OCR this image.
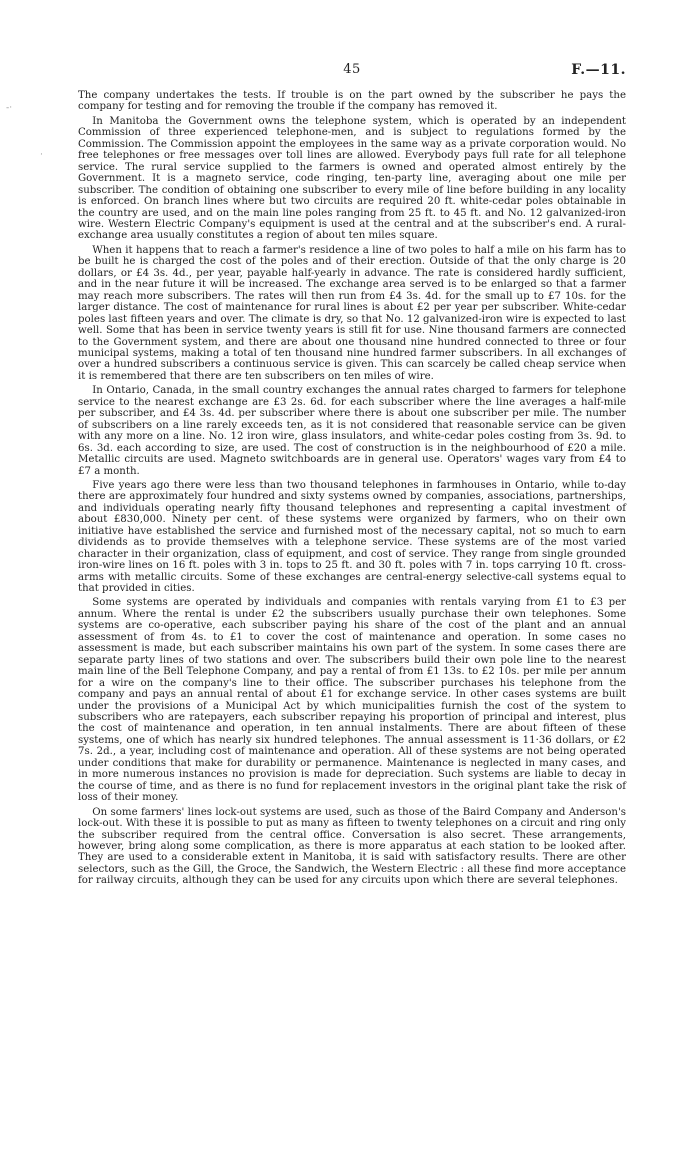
45	F.—11.
-·
·

The company undertakes the tests. If trouble is on the part owned by the subscriber he pays the company for testing and for removing the trouble if the company has removed it.

In Manitoba the Government owns the telephone system, which is operated by an independent Commission of three experienced telephone-men, and is subject to regulations formed by the Commission. The Commission appoint the employees in the same way as a private corporation would. No free telephones or free messages over toll lines are allowed. Everybody pays full rate for all telephone service. The rural service supplied to the farmers is owned and operated almost entirely by the Government. It is a magneto service, code ringing, ten-party line, averaging about one mile per subscriber. The condition of obtaining one subscriber to every mile of line before building in any locality is enforced. On branch lines where but two circuits are required 20 ft. white-cedar poles obtainable in the country are used, and on the main line poles ranging from 25 ft. to 45 ft. and No. 12 galvanized-iron wire. Western Electric Company's equipment is used at the central and at the subscriber's end. A rural-exchange area usually constitutes a region of about ten miles square.

When it happens that to reach a farmer's residence a line of two poles to half a mile on his farm has to be built he is charged the cost of the poles and of their erection. Outside of that the only charge is 20 dollars, or £4 3s. 4d., per year, payable half-yearly in advance. The rate is considered hardly sufficient, and in the near future it will be increased. The exchange area served is to be enlarged so that a farmer may reach more subscribers. The rates will then run from £4 3s. 4d. for the small up to £7 10s. for the larger distance. The cost of maintenance for rural lines is about £2 per year per subscriber. White-cedar poles last fifteen years and over. The climate is dry, so that No. 12 galvanized-iron wire is expected to last well. Some that has been in service twenty years is still fit for use. Nine thousand farmers are connected to the Government system, and there are about one thousand nine hundred connected to three or four municipal systems, making a total of ten thousand nine hundred farmer subscribers. In all exchanges of over a hundred subscribers a continuous service is given. This can scarcely be called cheap service when it is remembered that there are ten subscribers on ten miles of wire.

In Ontario, Canada, in the small country exchanges the annual rates charged to farmers for telephone service to the nearest exchange are £3 2s. 6d. for each subscriber where the line averages a half-mile per subscriber, and £4 3s. 4d. per subscriber where there is about one subscriber per mile. The number of subscribers on a line rarely exceeds ten, as it is not considered that reasonable service can be given with any more on a line. No. 12 iron wire, glass insulators, and white-cedar poles costing from 3s. 9d. to 6s. 3d. each according to size, are used. The cost of construction is in the neighbourhood of £20 a mile. Metallic circuits are used. Magneto switchboards are in general use. Operators' wages vary from £4 to £7 a month.

Five years ago there were less than two thousand telephones in farmhouses in Ontario, while to-day there are approximately four hundred and sixty systems owned by companies, associations, partnerships, and individuals operating nearly fifty thousand telephones and representing a capital investment of about £830,000. Ninety per cent. of these systems were organized by farmers, who on their own initiative have established the service and furnished most of the necessary capital, not so much to earn dividends as to provide themselves with a telephone service. These systems are of the most varied character in their organization, class of equipment, and cost of service. They range from single grounded iron-wire lines on 16 ft. poles with 3 in. tops to 25 ft. and 30 ft. poles with 7 in. tops carrying 10 ft. cross-arms with metallic circuits. Some of these exchanges are central-energy selective-call systems equal to that provided in cities.

Some systems are operated by individuals and companies with rentals varying from £1 to £3 per annum. Where the rental is under £2 the subscribers usually purchase their own telephones. Some systems are co-operative, each subscriber paying his share of the cost of the plant and an annual assessment of from 4s. to £1 to cover the cost of maintenance and operation. In some cases no assessment is made, but each subscriber maintains his own part of the system. In some cases there are separate party lines of two stations and over. The subscribers build their own pole line to the nearest main line of the Bell Telephone Company, and pay a rental of from £1 13s. to £2 10s. per mile per annum for a wire on the company's line to their office. The subscriber purchases his telephone from the company and pays an annual rental of about £1 for exchange service. In other cases systems are built under the provisions of a Municipal Act by which municipalities furnish the cost of the system to subscribers who are ratepayers, each subscriber repaying his proportion of principal and interest, plus the cost of maintenance and operation, in ten annual instalments. There are about fifteen of these systems, one of which has nearly six hundred telephones. The annual assessment is 11·36 dollars, or £2 7s. 2d., a year, including cost of maintenance and operation. All of these systems are not being operated under conditions that make for durability or permanence. Maintenance is neglected in many cases, and in more numerous instances no provision is made for depreciation. Such systems are liable to decay in the course of time, and as there is no fund for replacement investors in the original plant take the risk of loss of their money.

On some farmers' lines lock-out systems are used, such as those of the Baird Company and Anderson's lock-out. With these it is possible to put as many as fifteen to twenty telephones on a circuit and ring only the subscriber required from the central office. Conversation is also secret. These arrangements, however, bring along some complication, as there is more apparatus at each station to be looked after. They are used to a considerable extent in Manitoba, it is said with satisfactory results. There are other selectors, such as the Gill, the Groce, the Sandwich, the Western Electric : all these find more acceptance for railway circuits, although they can be used for any circuits upon which there are several telephones.
